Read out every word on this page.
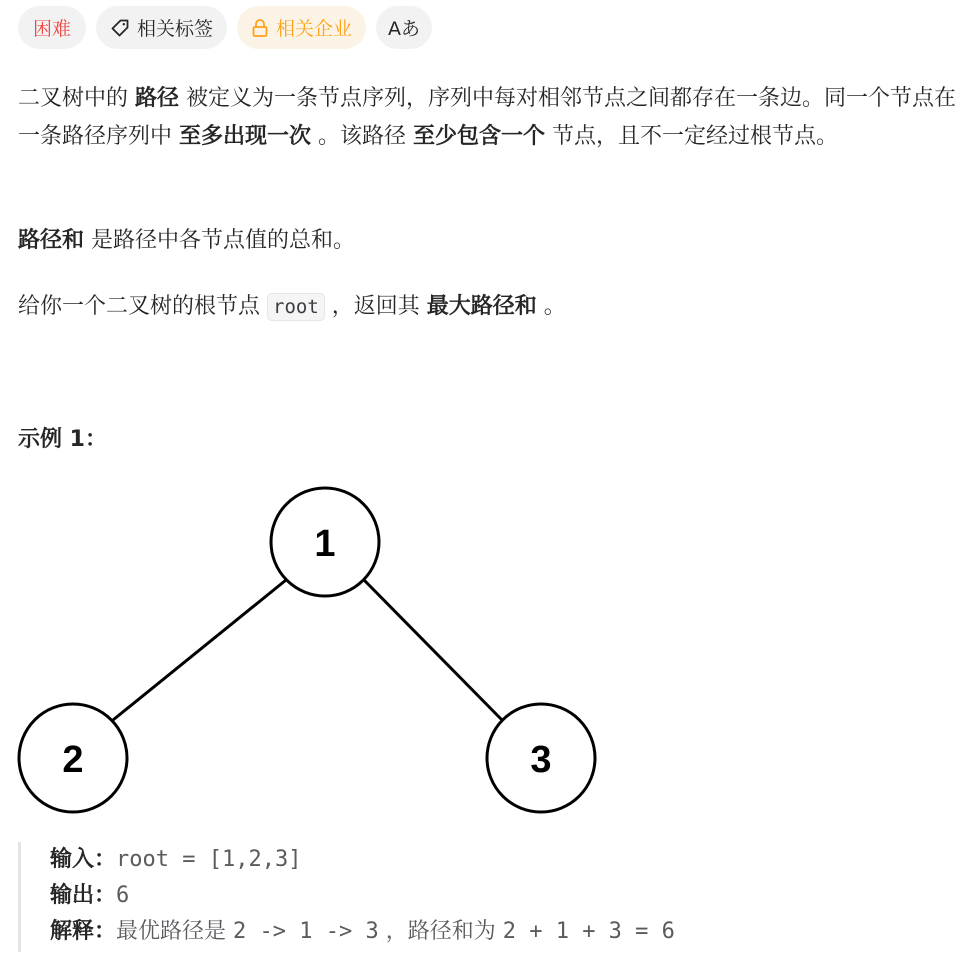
困难	相关标签	相关企业 Aあ
二叉树中的 路径 被定义为一条节点序列，序列中每对相邻节点之间都存在一条边。同一个节点在一条路径序列中 至多出现一次 。该路径 至少包含一个 节点，且不一定经过根节点。
路径和 是路径中各节点值的总和。
给你一个二叉树的根节点 root ，返回其 最大路径和 。
示例 1：
1
2	3
输入：root = [1,2,3]
输出：6
解释：最优路径是 2 -> 1 -> 3 ，路径和为 2 + 1 + 3 = 6
